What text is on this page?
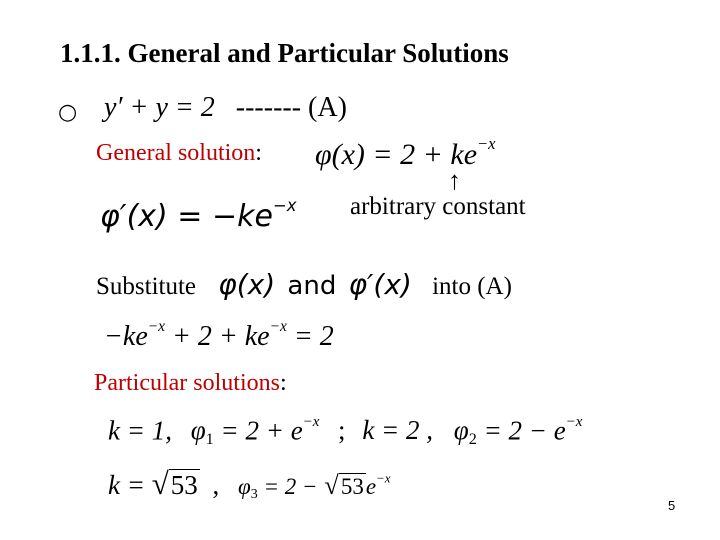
1.1.1. General and Particular Solutions
○ y′ + y = 2 ------- (A)
General solution: $\varphi(x) = 2 + ke^{-x}$
↑
arbitrary constant
$\varphi'(x) = -ke^{-x}$
Substitute φ(x) and φ′(x) into (A)
$-ke^{-x} + 2 + ke^{-x} = 2$
Particular solutions:
k = 1, $\varphi_1 = 2 + e^{-x}$ ; k = 2 , $\varphi_2 = 2 - e^{-x}$
k = √53 , $\varphi_3 = 2 - √53e^{-x}$
5
